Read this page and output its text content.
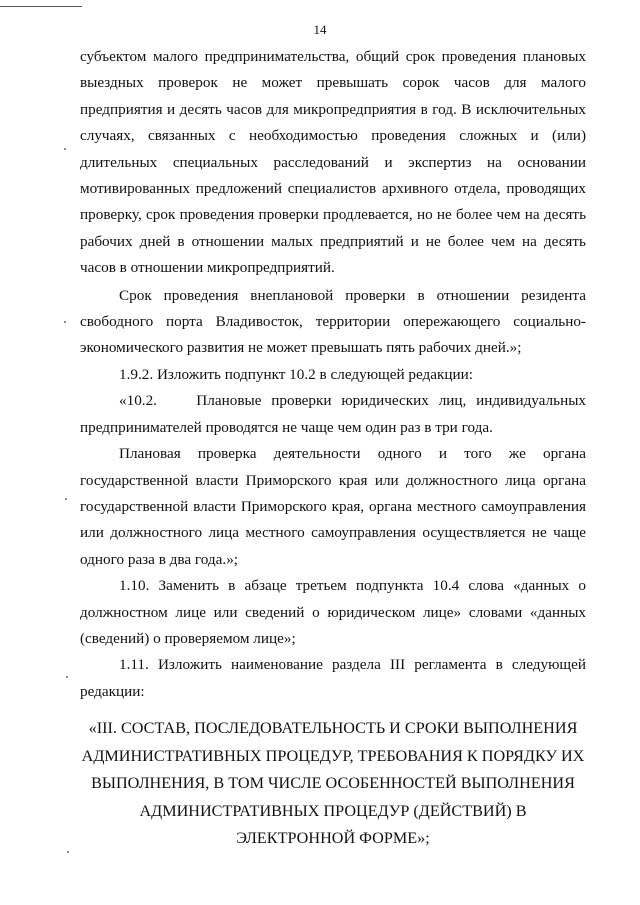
14

субъектом малого предпринимательства, общий срок проведения плановых выездных проверок не может превышать сорок часов для малого предприятия и десять часов для микропредприятия в год. В исключительных случаях, связанных с необходимостью проведения сложных и (или) длительных специальных расследований и экспертиз на основании мотивированных предложений специалистов архивного отдела, проводящих проверку, срок проведения проверки продлевается, но не более чем на десять рабочих дней в отношении малых предприятий и не более чем на десять часов в отношении микропредприятий.

Срок проведения внеплановой проверки в отношении резидента свободного порта Владивосток, территории опережающего социально-экономического развития не может превышать пять рабочих дней.»;

1.9.2. Изложить подпункт 10.2 в следующей редакции:

«10.2.    Плановые проверки юридических лиц, индивидуальных предпринимателей проводятся не чаще чем один раз в три года.

Плановая проверка деятельности одного и того же органа государственной власти Приморского края или должностного лица органа государственной власти Приморского края, органа местного самоуправления или должностного лица местного самоуправления осуществляется не чаще одного раза в два года.»;

1.10. Заменить в абзаце третьем подпункта 10.4 слова «данных о должностном лице или сведений о юридическом лице» словами «данных (сведений) о проверяемом лице»;

1.11. Изложить наименование раздела III регламента в следующей редакции:

«III. СОСТАВ, ПОСЛЕДОВАТЕЛЬНОСТЬ И СРОКИ ВЫПОЛНЕНИЯ АДМИНИСТРАТИВНЫХ ПРОЦЕДУР, ТРЕБОВАНИЯ К ПОРЯДКУ ИХ ВЫПОЛНЕНИЯ, В ТОМ ЧИСЛЕ ОСОБЕННОСТЕЙ ВЫПОЛНЕНИЯ АДМИНИСТРАТИВНЫХ ПРОЦЕДУР (ДЕЙСТВИЙ) В ЭЛЕКТРОННОЙ ФОРМЕ»;
